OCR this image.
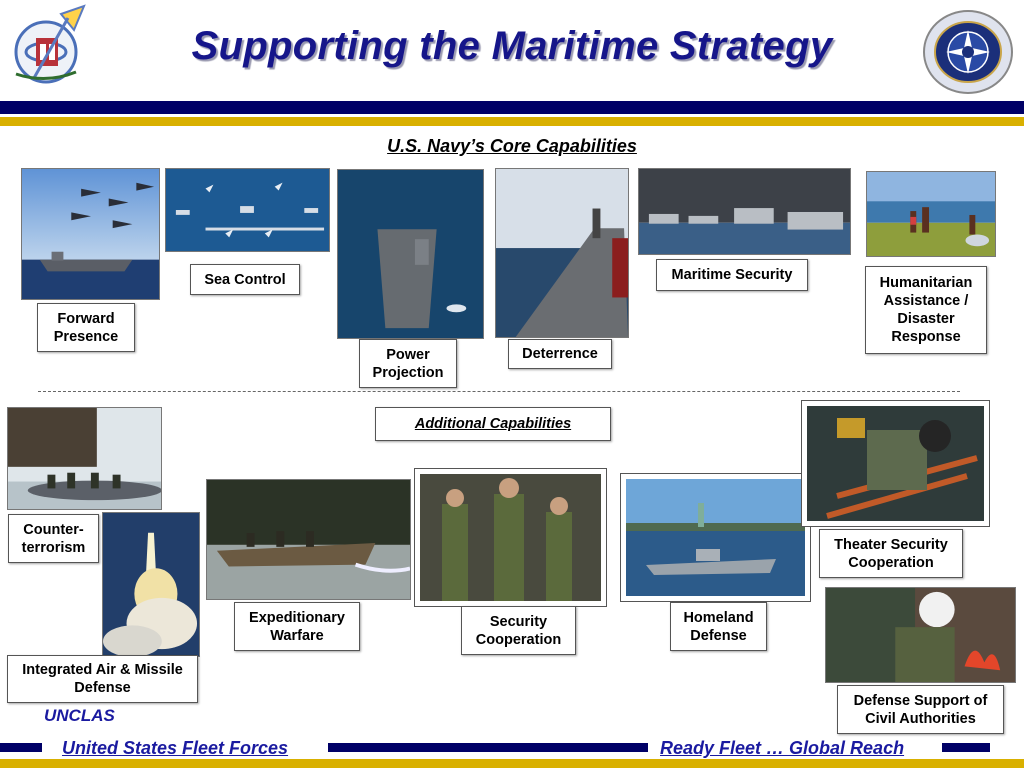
Supporting the Maritime Strategy
U.S. Navy’s Core Capabilities
Forward Presence
Sea Control
Power Projection
Deterrence
Maritime Security	Humanitarian Assistance / Disaster Response
Additional Capabilities
Counter-terrorism
Integrated Air & Missile Defense
Expeditionary Warfare
Security Cooperation
Homeland Defense
Theater Security Cooperation
Defense Support of Civil Authorities
UNCLAS
United States Fleet Forces	Ready Fleet … Global Reach
